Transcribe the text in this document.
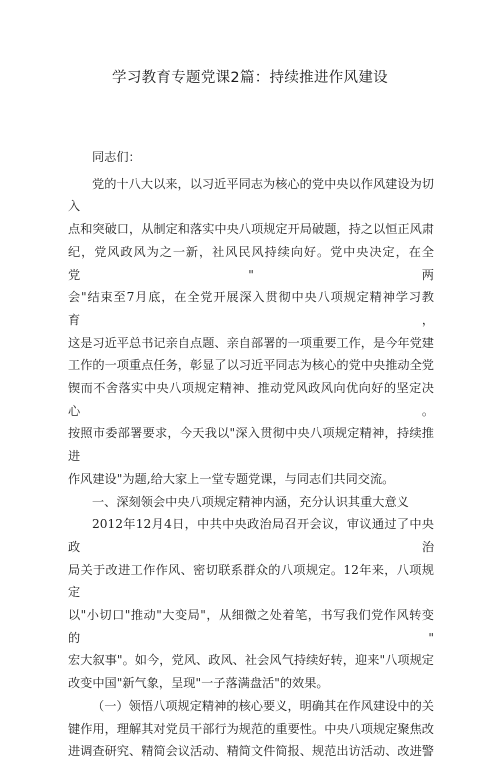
学习教育专题党课2篇：持续推进作风建设

同志们：

党的十八大以来，以习近平同志为核心的党中央以作风建设为切入

点和突破口，从制定和落实中央八项规定开局破题，持之以恒正风肃

纪，党风政风为之一新，社风民风持续向好。党中央决定，在全党"两

会"结束至7月底，在全党开展深入贯彻中央八项规定精神学习教育，

这是习近平总书记亲自点题、亲自部署的一项重要工作，是今年党建

工作的一项重点任务，彰显了以习近平同志为核心的党中央推动全党

锲而不舍落实中央八项规定精神、推动党风政风向优向好的坚定决心。

按照市委部署要求，今天我以"深入贯彻中央八项规定精神，持续推进

作风建设"为题,给大家上一堂专题党课，与同志们共同交流。

一、深刻领会中央八项规定精神内涵，充分认识其重大意义

2012年12月4日，中共中央政治局召开会议，审议通过了中央政治

局关于改进工作作风、密切联系群众的八项规定。12年来，八项规定

以"小切口"推动"大变局"，从细微之处着笔，书写我们党作风转变的"

宏大叙事"。如今，党风、政风、社会风气持续好转，迎来"八项规定

改变中国"新气象，呈现"一子落满盘活"的效果。

（一）领悟八项规定精神的核心要义，明确其在作风建设中的关

键作用，理解其对党员干部行为规范的重要性。中央八项规定聚焦改

进调查研究、精简会议活动、精简文件简报、规范出访活动、改进警
